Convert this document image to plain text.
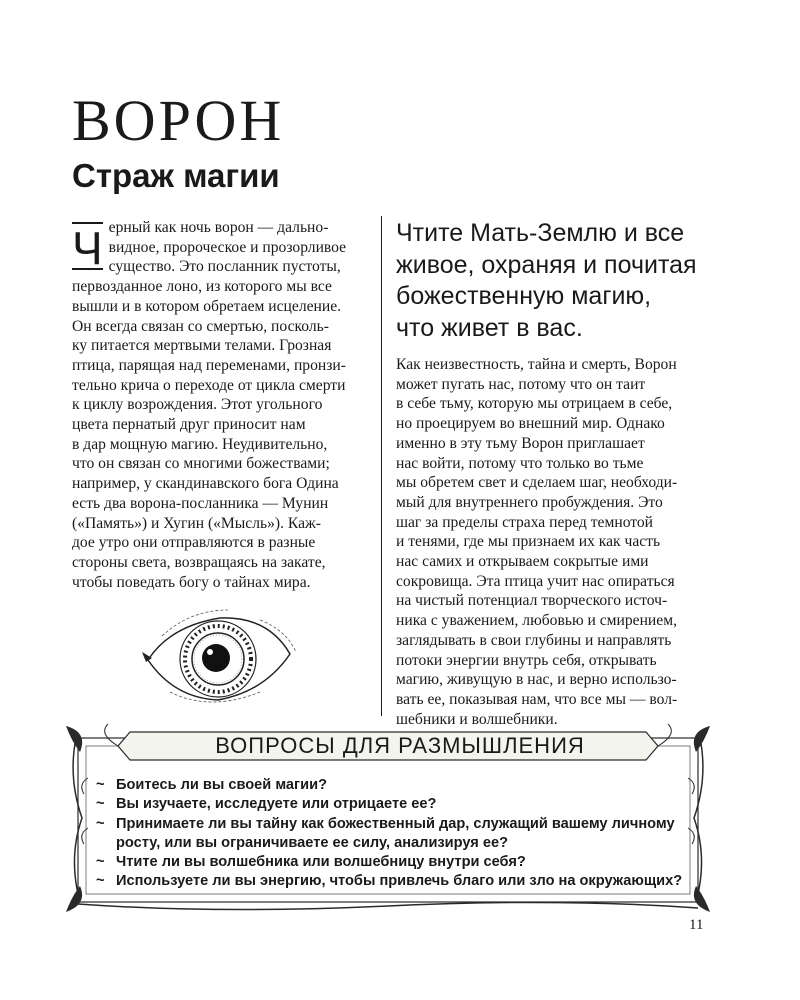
ВОРОН
Страж магии
Ч ерный как ночь ворон — дально-
видное, пророческое и прозорливое
существо. Это посланник пустоты,
первозданное лоно, из которого мы все
вышли и в котором обретаем исцеление.
Он всегда связан со смертью, посколь-
ку питается мертвыми телами. Грозная
птица, парящая над переменами, пронзи-
тельно крича о переходе от цикла смерти
к циклу возрождения. Этот угольного
цвета пернатый друг приносит нам
в дар мощную магию. Неудивительно,
что он связан со многими божествами;
например, у скандинавского бога Одина
есть два ворона-посланника — Мунин
(«Память») и Хугин («Мысль»). Каж-
дое утро они отправляются в разные
стороны света, возвращаясь на закате,
чтобы поведать богу о тайнах мира.
Чтите Мать-Землю и все
живое, охраняя и почитая
божественную магию,
что живет в вас.
Как неизвестность, тайна и смерть, Ворон
может пугать нас, потому что он таит
в себе тьму, которую мы отрицаем в себе,
но проецируем во внешний мир. Однако
именно в эту тьму Ворон приглашает
нас войти, потому что только во тьме
мы обретем свет и сделаем шаг, необходи-
мый для внутреннего пробуждения. Это
шаг за пределы страха перед темнотой
и тенями, где мы признаем их как часть
нас самих и открываем сокрытые ими
сокровища. Эта птица учит нас опираться
на чистый потенциал творческого источ-
ника с уважением, любовью и смирением,
заглядывать в свои глубины и направлять
потоки энергии внутрь себя, открывать
магию, живущую в нас, и верно использо-
вать ее, показывая нам, что все мы — вол-
шебники и волшебники.
ВОПРОСЫ ДЛЯ РАЗМЫШЛЕНИЯ
~ Боитесь ли вы своей магии?
~ Вы изучаете, исследуете или отрицаете ее?
~ Принимаете ли вы тайну как божественный дар, служащий вашему личному
росту, или вы ограничиваете ее силу, анализируя ее?
~ Чтите ли вы волшебника или волшебницу внутри себя?
~ Используете ли вы энергию, чтобы привлечь благо или зло на окружающих?
11
